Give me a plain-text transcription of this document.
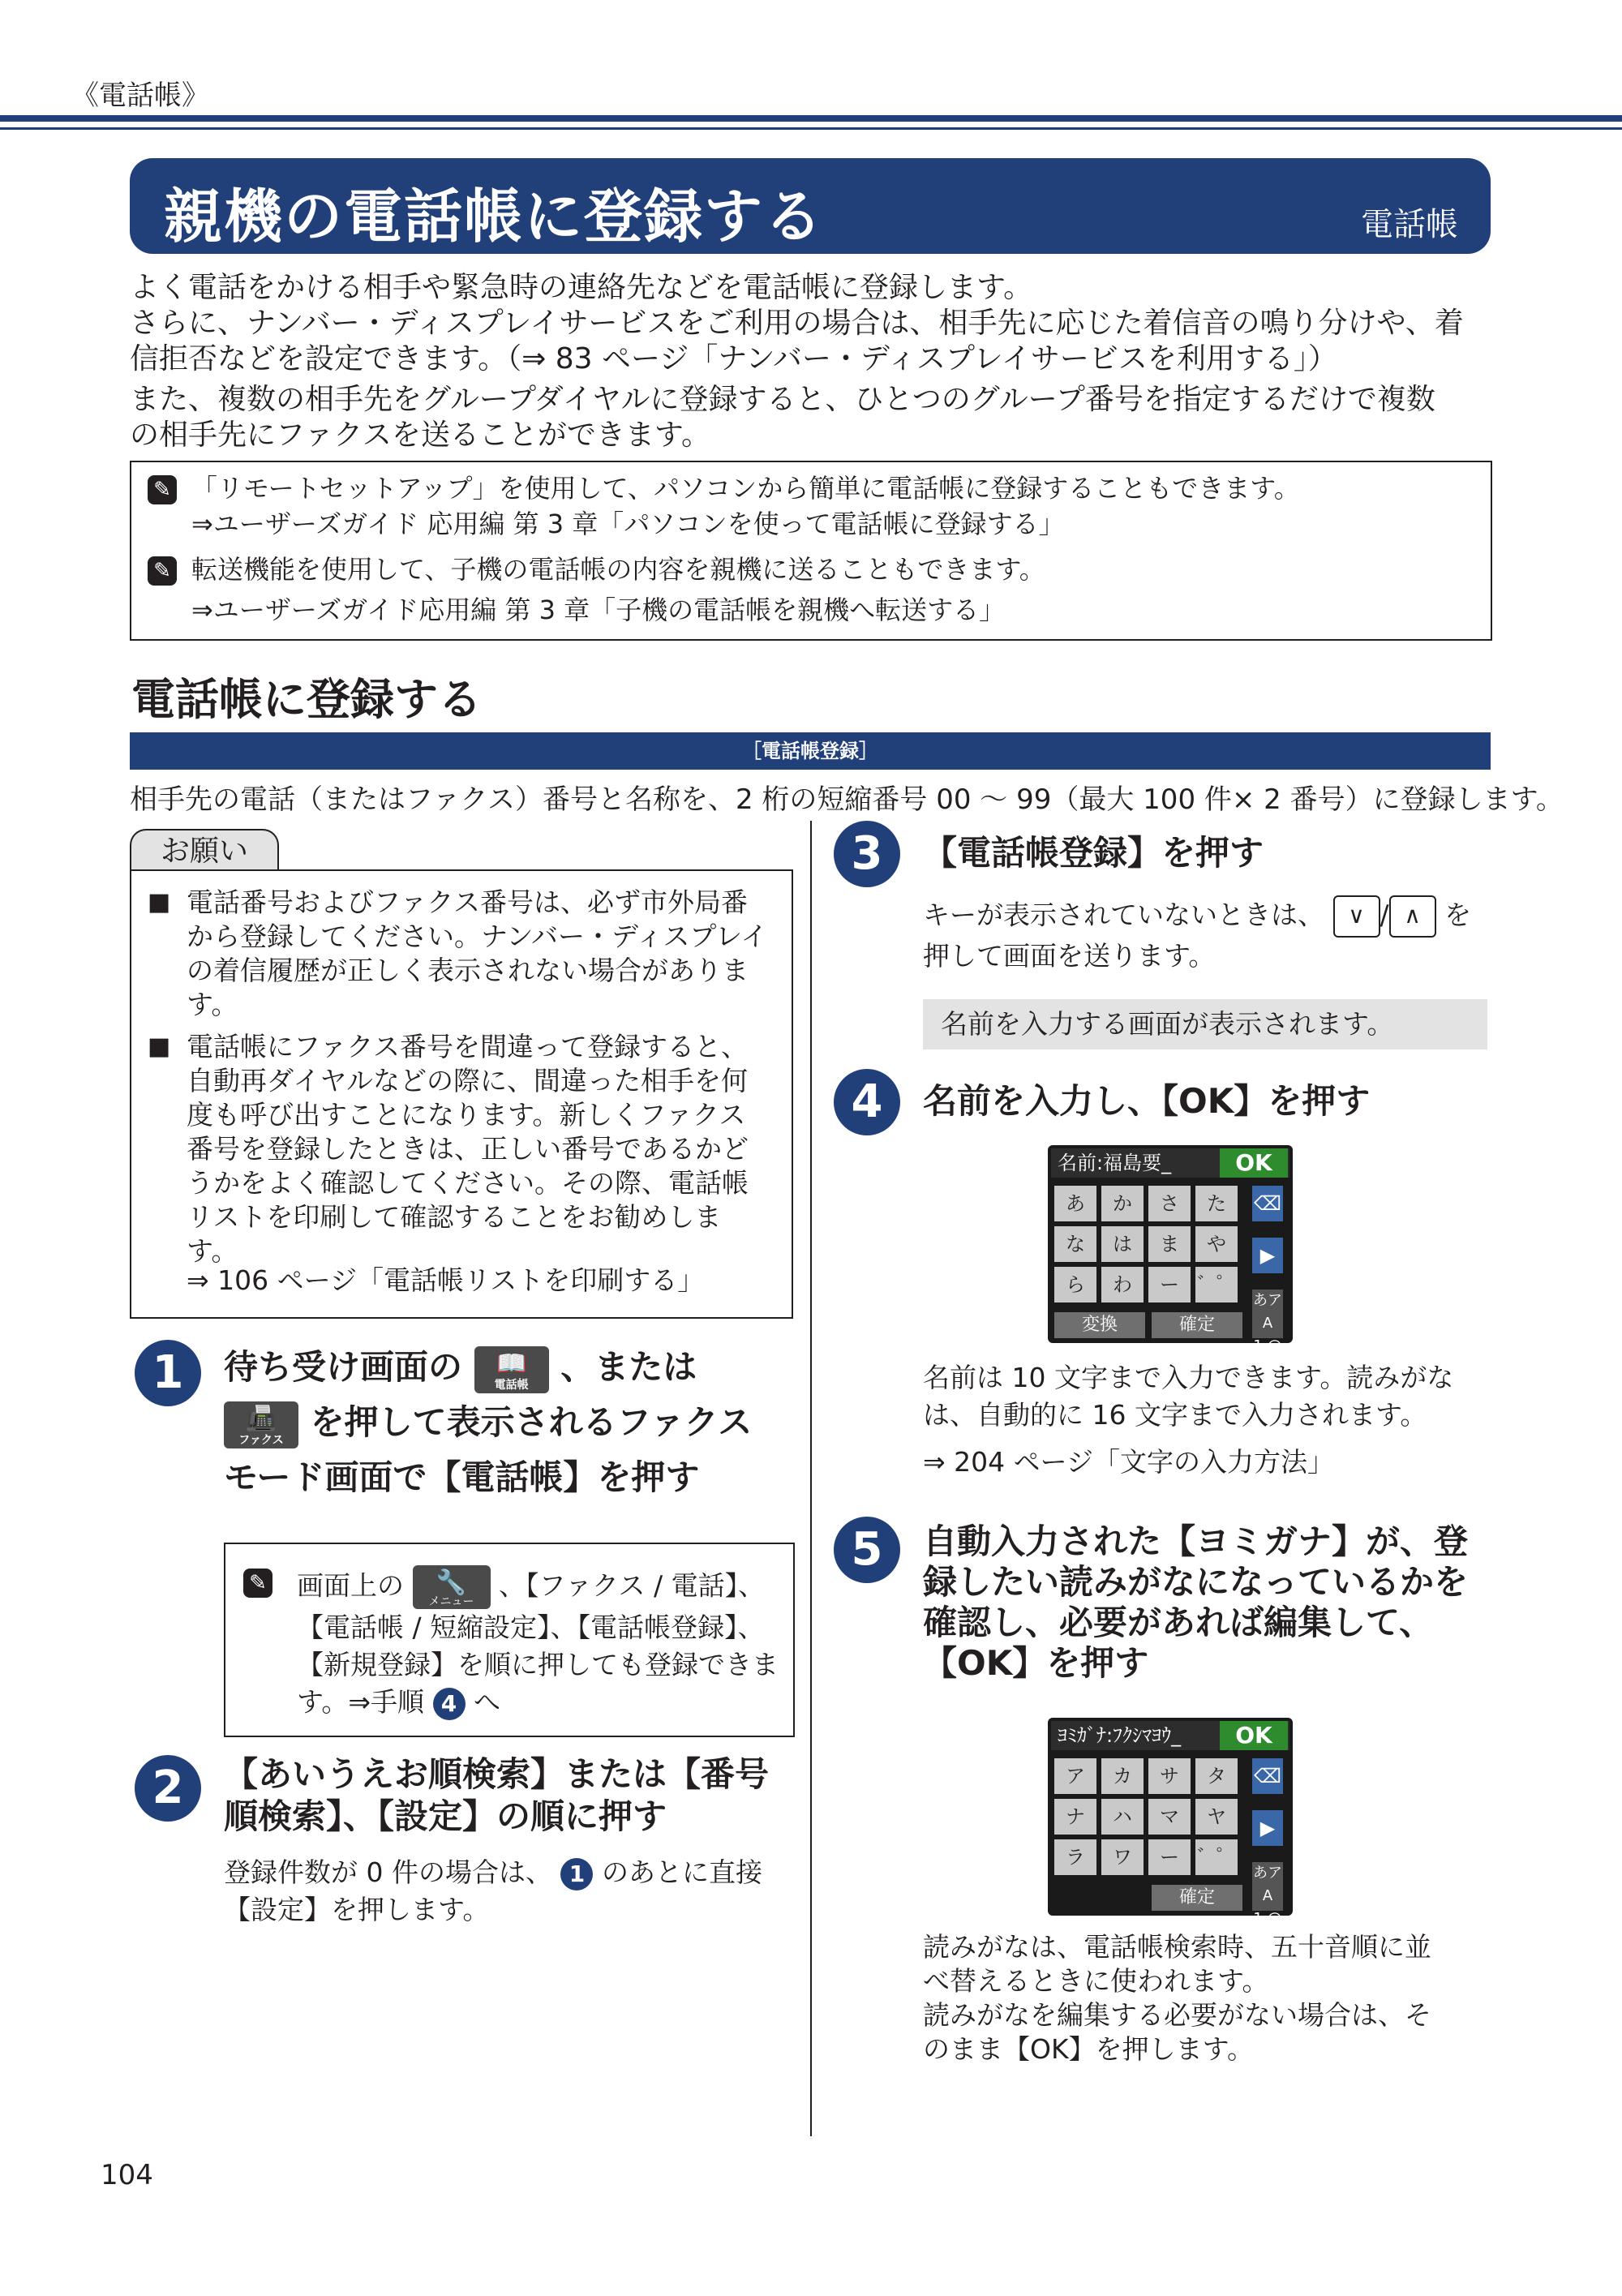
《電話帳》
親機の電話帳に登録する	電話帳

よく電話をかける相手や緊急時の連絡先などを電話帳に登録します。

さらに、ナンバー・ディスプレイサービスをご利用の場合は、相手先に応じた着信音の鳴り分けや、着

信拒否などを設定できます。（⇒ 83 ページ「ナンバー・ディスプレイサービスを利用する」）

また、複数の相手先をグループダイヤルに登録すると、ひとつのグループ番号を指定するだけで複数

の相手先にファクスを送ることができます。

✎ 「リモートセットアップ」を使用して、パソコンから簡単に電話帳に登録することもできます。
⇒ユーザーズガイド 応用編 第 3 章「パソコンを使って電話帳に登録する」
✎ 転送機能を使用して、子機の電話帳の内容を親機に送ることもできます。
⇒ユーザーズガイド応用編 第 3 章「子機の電話帳を親機へ転送する」
電話帳に登録する
［電話帳登録］
相手先の電話（またはファクス）番号と名称を、2 桁の短縮番号 00 〜 99（最大 100 件× 2 番号）に登録します。
お願い
■ 電話番号およびファクス番号は、必ず市外局番から登録してください。ナンバー・ディスプレイの着信履歴が正しく表示されない場合があります。
■ 電話帳にファクス番号を間違って登録すると、自動再ダイヤルなどの際に、間違った相手を何度も呼び出すことになります。新しくファクス番号を登録したときは、正しい番号であるかどうかをよく確認してください。その際、電話帳リストを印刷して確認することをお勧めします。
⇒ 106 ページ「電話帳リストを印刷する」
1	待ち受け画面の	📖
電話帳 、または
📠
ファクス を押して表示されるファクス
モード画面で【電話帳】を押す
✎	画面上の	🔧
メニュー 、【ファクス / 電話】、
【電話帳 / 短縮設定】、【電話帳登録】、
【新規登録】を順に押しても登録できま
す。⇒手順 4 へ
2	【あいうえお順検索】または【番号
順検索】、【設定】の順に押す
登録件数が 0 件の場合は、 1 のあとに直接
【設定】を押します。
3	【電話帳登録】を押す
キーが表示されていないときは、 ∨ / ∧ を
押して画面を送ります。
名前を入力する画面が表示されます。
4	名前を入力し、【OK】を押す
名前:福島要_	OK
あ	か	さ	た
な	は	ま	や
ら	わ	ー ゛゜
⌫
▶
あアA
1 @
変換	確定
名前は 10 文字まで入力できます。読みがな
は、自動的に 16 文字まで入力されます。
⇒ 204 ページ「文字の入力方法」
5	自動入力された【ヨミガナ】が、登
録したい読みがなになっているかを
確認し、必要があれば編集して、
【OK】を押す
ﾖﾐｶﾞﾅ:ﾌｸｼﾏﾖｳ_	OK
ア	カ	サ	タ
ナ	ハ	マ	ヤ
ラ	ワ	ー ゛゜
⌫
▶
あアA
1 @
確定
読みがなは、電話帳検索時、五十音順に並
べ替えるときに使われます。
読みがなを編集する必要がない場合は、そ
のまま【OK】を押します。
104
